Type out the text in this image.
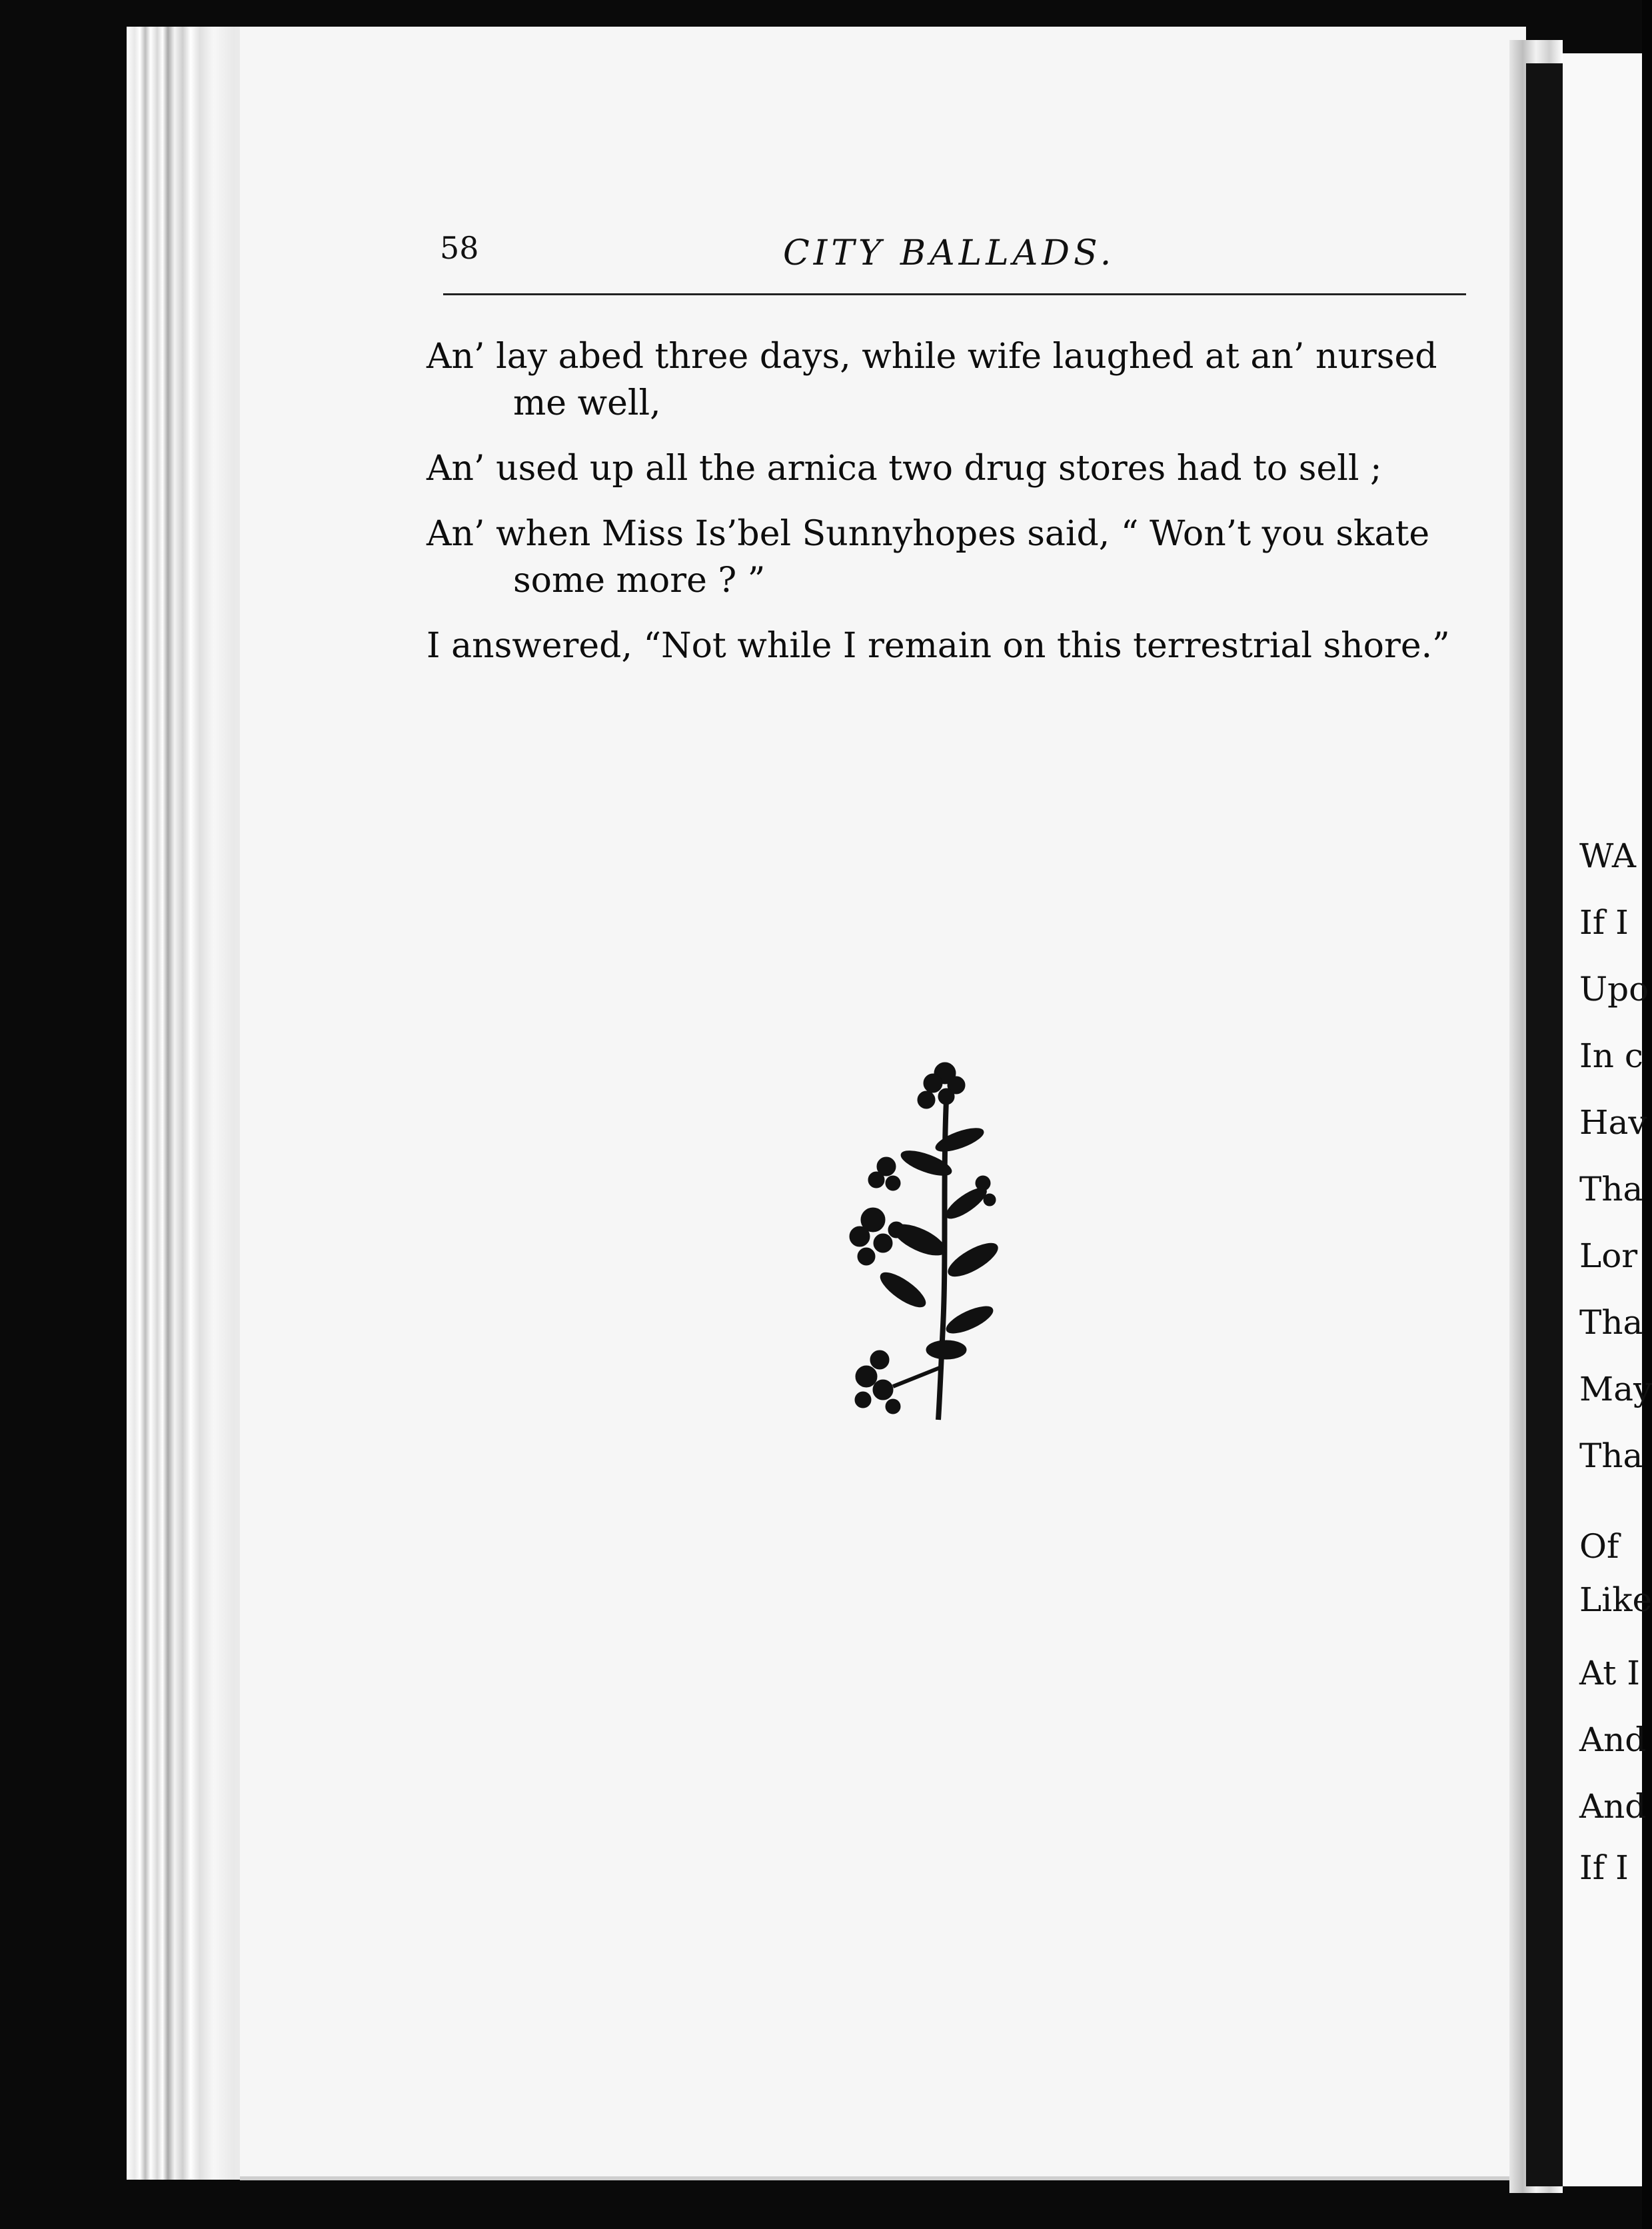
WA
If I
Upo
In c
Hav
Tha
Lor
Tha
May
Tha
Of
Like
At I
And
And
If I
58	CITY BALLADS.
An’ lay abed three days, while wife laughed at an’ nursed
me well,
An’ used up all the arnica two drug stores had to sell ;
An’ when Miss Is’bel Sunnyhopes said, “ Won’t you skate
some more ? ”
I answered, “Not while I remain on this terrestrial shore.”
